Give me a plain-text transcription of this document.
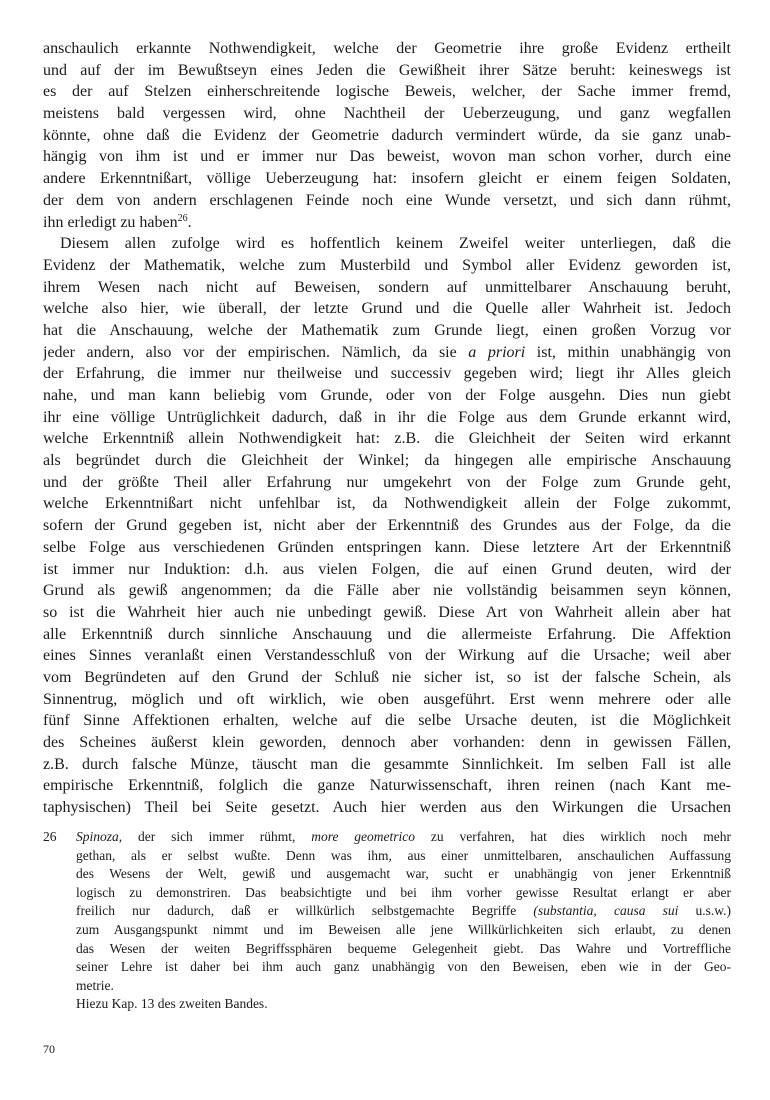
anschaulich erkannte Nothwendigkeit, welche der Geometrie ihre große Evidenz ertheilt
und auf der im Bewußtseyn eines Jeden die Gewißheit ihrer Sätze beruht: keineswegs ist
es der auf Stelzen einherschreitende logische Beweis, welcher, der Sache immer fremd,
meistens bald vergessen wird, ohne Nachtheil der Ueberzeugung, und ganz wegfallen
könnte, ohne daß die Evidenz der Geometrie dadurch vermindert würde, da sie ganz unab-
hängig von ihm ist und er immer nur Das beweist, wovon man schon vorher, durch eine
andere Erkenntnißart, völlige Ueberzeugung hat: insofern gleicht er einem feigen Soldaten,
der dem von andern erschlagenen Feinde noch eine Wunde versetzt, und sich dann rühmt,
ihn erledigt zu haben$^{26}$.
Diesem allen zufolge wird es hoffentlich keinem Zweifel weiter unterliegen, daß die
Evidenz der Mathematik, welche zum Musterbild und Symbol aller Evidenz geworden ist,
ihrem Wesen nach nicht auf Beweisen, sondern auf unmittelbarer Anschauung beruht,
welche also hier, wie überall, der letzte Grund und die Quelle aller Wahrheit ist. Jedoch
hat die Anschauung, welche der Mathematik zum Grunde liegt, einen großen Vorzug vor
jeder andern, also vor der empirischen. Nämlich, da sie a priori ist, mithin unabhängig von
der Erfahrung, die immer nur theilweise und successiv gegeben wird; liegt ihr Alles gleich
nahe, und man kann beliebig vom Grunde, oder von der Folge ausgehn. Dies nun giebt
ihr eine völlige Untrüglichkeit dadurch, daß in ihr die Folge aus dem Grunde erkannt wird,
welche Erkenntniß allein Nothwendigkeit hat: z.B. die Gleichheit der Seiten wird erkannt
als begründet durch die Gleichheit der Winkel; da hingegen alle empirische Anschauung
und der größte Theil aller Erfahrung nur umgekehrt von der Folge zum Grunde geht,
welche Erkenntnißart nicht unfehlbar ist, da Nothwendigkeit allein der Folge zukommt,
sofern der Grund gegeben ist, nicht aber der Erkenntniß des Grundes aus der Folge, da die
selbe Folge aus verschiedenen Gründen entspringen kann. Diese letztere Art der Erkenntniß
ist immer nur Induktion: d.h. aus vielen Folgen, die auf einen Grund deuten, wird der
Grund als gewiß angenommen; da die Fälle aber nie vollständig beisammen seyn können,
so ist die Wahrheit hier auch nie unbedingt gewiß. Diese Art von Wahrheit allein aber hat
alle Erkenntniß durch sinnliche Anschauung und die allermeiste Erfahrung. Die Affektion
eines Sinnes veranlaßt einen Verstandesschluß von der Wirkung auf die Ursache; weil aber
vom Begründeten auf den Grund der Schluß nie sicher ist, so ist der falsche Schein, als
Sinnentrug, möglich und oft wirklich, wie oben ausgeführt. Erst wenn mehrere oder alle
fünf Sinne Affektionen erhalten, welche auf die selbe Ursache deuten, ist die Möglichkeit
des Scheines äußerst klein geworden, dennoch aber vorhanden: denn in gewissen Fällen,
z.B. durch falsche Münze, täuscht man die gesammte Sinnlichkeit. Im selben Fall ist alle
empirische Erkenntniß, folglich die ganze Naturwissenschaft, ihren reinen (nach Kant me-
taphysischen) Theil bei Seite gesetzt. Auch hier werden aus den Wirkungen die Ursachen
26 Spinoza, der sich immer rühmt, more geometrico zu verfahren, hat dies wirklich noch mehr
gethan, als er selbst wußte. Denn was ihm, aus einer unmittelbaren, anschaulichen Auffassung
des Wesens der Welt, gewiß und ausgemacht war, sucht er unabhängig von jener Erkenntniß
logisch zu demonstriren. Das beabsichtigte und bei ihm vorher gewisse Resultat erlangt er aber
freilich nur dadurch, daß er willkürlich selbstgemachte Begriffe (substantia, causa sui u.s.w.)
zum Ausgangspunkt nimmt und im Beweisen alle jene Willkürlichkeiten sich erlaubt, zu denen
das Wesen der weiten Begriffssphären bequeme Gelegenheit giebt. Das Wahre und Vortreffliche
seiner Lehre ist daher bei ihm auch ganz unabhängig von den Beweisen, eben wie in der Geo-
metrie.
Hiezu Kap. 13 des zweiten Bandes.
70
